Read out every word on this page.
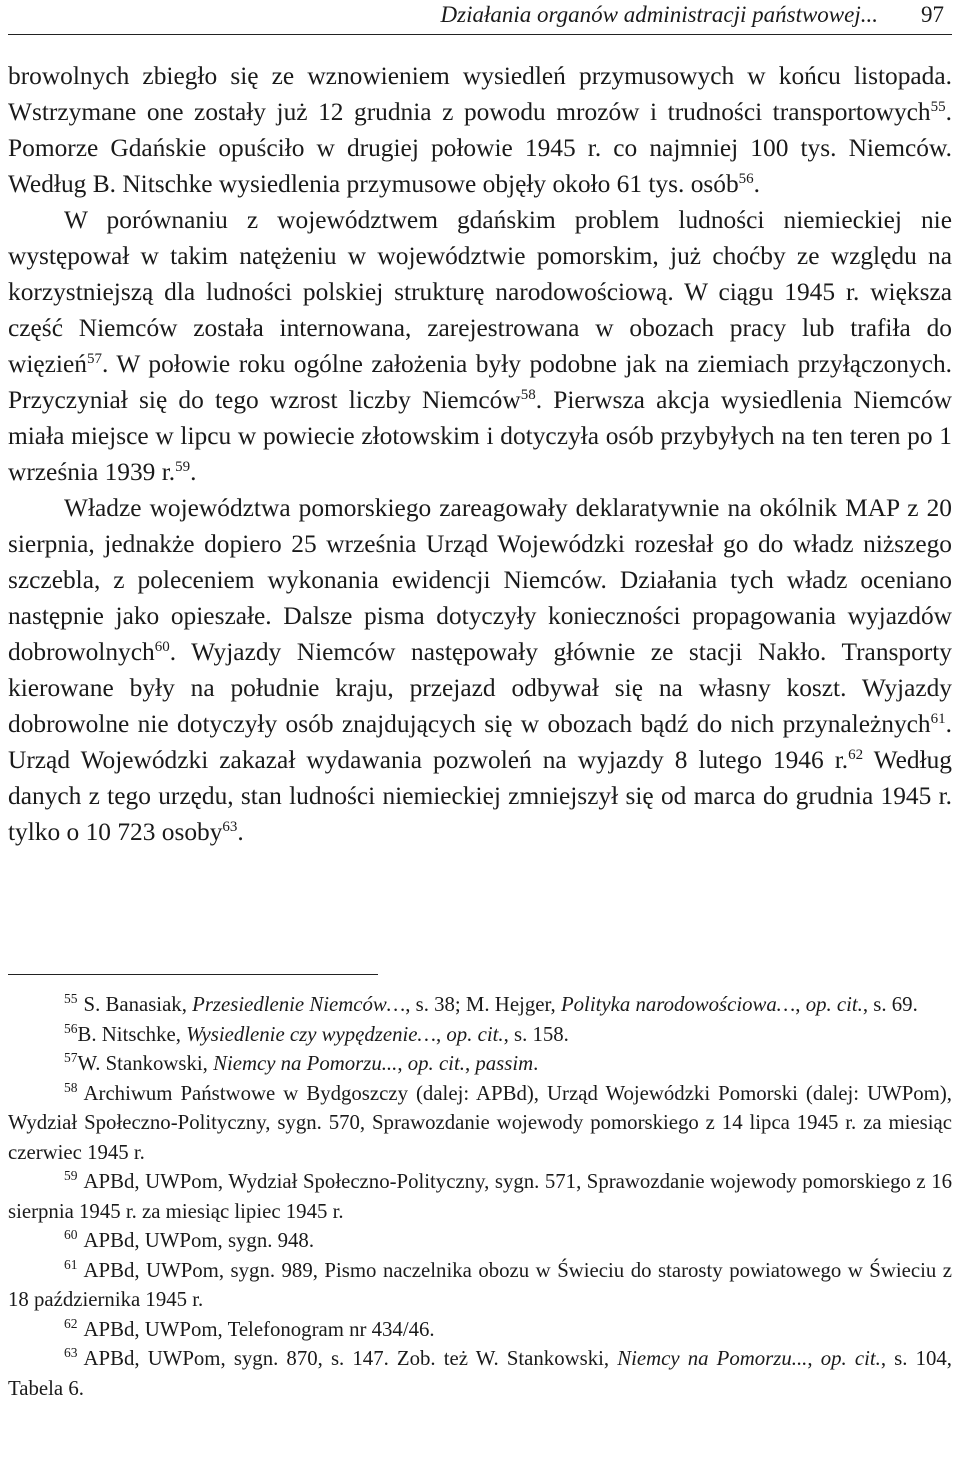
Działania organów administracji państwowej... 97

browolnych zbiegło się ze wznowieniem wysiedleń przymusowych w końcu listopada. Wstrzymane one zostały już 12 grudnia z powodu mrozów i trudności transportowych$^{55}$. Pomorze Gdańskie opuściło w drugiej połowie 1945 r. co najmniej 100 tys. Niemców. Według B. Nitschke wysiedlenia przymusowe objęły około 61 tys. osób$^{56}$.

W porównaniu z województwem gdańskim problem ludności niemieckiej nie występował w takim natężeniu w województwie pomorskim, już choćby ze względu na korzystniejszą dla ludności polskiej strukturę narodowościową. W ciągu 1945 r. większa część Niemców została internowana, zarejestrowana w obozach pracy lub trafiła do więzień$^{57}$. W połowie roku ogólne założenia były podobne jak na ziemiach przyłączonych. Przyczyniał się do tego wzrost liczby Niemców$^{58}$. Pierwsza akcja wysiedlenia Niemców miała miejsce w lipcu w powiecie złotowskim i dotyczyła osób przybyłych na ten teren po 1 września 1939 r.$^{59}$.

Władze województwa pomorskiego zareagowały deklaratywnie na okólnik MAP z 20 sierpnia, jednakże dopiero 25 września Urząd Wojewódzki rozesłał go do władz niższego szczebla, z poleceniem wykonania ewidencji Niemców. Działania tych władz oceniano następnie jako opieszałe. Dalsze pisma dotyczyły konieczności propagowania wyjazdów dobrowolnych$^{60}$. Wyjazdy Niemców następowały głównie ze stacji Nakło. Transporty kierowane były na południe kraju, przejazd odbywał się na własny koszt. Wyjazdy dobrowolne nie dotyczyły osób znajdujących się w obozach bądź do nich przynależnych$^{61}$. Urząd Wojewódzki zakazał wydawania pozwoleń na wyjazdy 8 lutego 1946 r.$^{62}$ Według danych z tego urzędu, stan ludności niemieckiej zmniejszył się od marca do grudnia 1945 r. tylko o 10 723 osoby$^{63}$.

$^{55}$ S. Banasiak, Przesiedlenie Niemców…, s. 38; M. Hejger, Polityka narodowościowa…, op. cit., s. 69.

$^{56}$B. Nitschke, Wysiedlenie czy wypędzenie…, op. cit., s. 158.

$^{57}$W. Stankowski, Niemcy na Pomorzu..., op. cit., passim.

$^{58}$ Archiwum Państwowe w Bydgoszczy (dalej: APBd), Urząd Wojewódzki Pomorski (dalej: UWPom), Wydział Społeczno-Polityczny, sygn. 570, Sprawozdanie wojewody pomorskiego z 14 lipca 1945 r. za miesiąc czerwiec 1945 r.

$^{59}$ APBd, UWPom, Wydział Społeczno-Polityczny, sygn. 571, Sprawozdanie wojewody pomorskiego z 16 sierpnia 1945 r. za miesiąc lipiec 1945 r.

$^{60}$ APBd, UWPom, sygn. 948.

$^{61}$ APBd, UWPom, sygn. 989, Pismo naczelnika obozu w Świeciu do starosty powiatowego w Świeciu z 18 października 1945 r.

$^{62}$ APBd, UWPom, Telefonogram nr 434/46.

$^{63}$ APBd, UWPom, sygn. 870, s. 147. Zob. też W. Stankowski, Niemcy na Pomorzu..., op. cit., s. 104, Tabela 6.
